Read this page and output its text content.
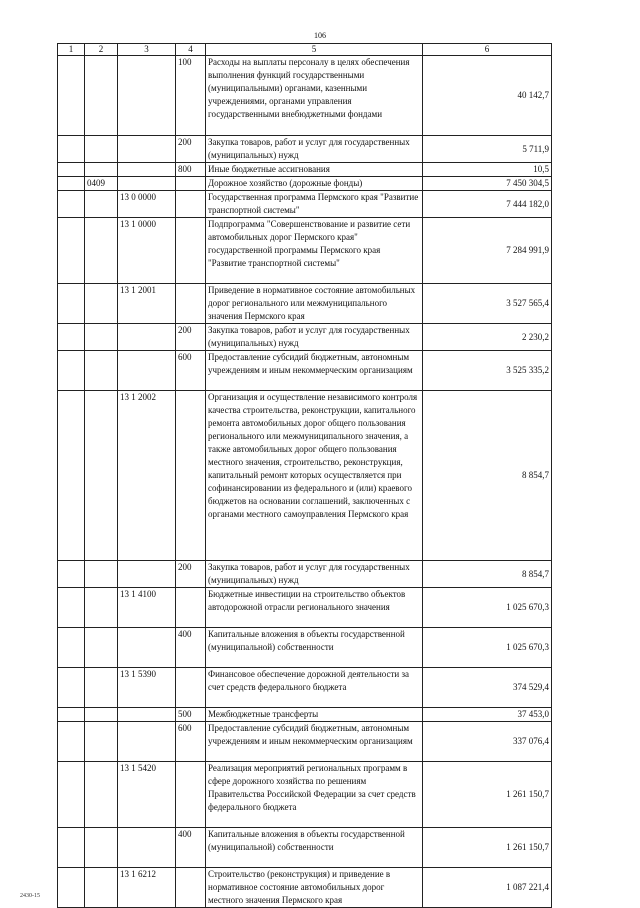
106
1	2	3	4	5	6
			100	Расходы на выплаты персоналу в целях обеспечения выполнения функций государственными (муниципальными) органами, казенными учреждениями, органами управления государственными внебюджетными фондами	40 142,7
			200	Закупка товаров, работ и услуг для государственных (муниципальных) нужд	5 711,9
			800	Иные бюджетные ассигнования	10,5
	0409			Дорожное хозяйство (дорожные фонды)	7 450 304,5
		13 0 0000		Государственная программа Пермского края "Развитие транспортной системы"	7 444 182,0
		13 1 0000		Подпрограмма "Совершенствование и развитие сети автомобильных дорог Пермского края" государственной программы Пермского края "Развитие транспортной системы"	7 284 991,9
		13 1 2001		Приведение в нормативное состояние автомобильных дорог регионального или межмуниципального значения Пермского края	3 527 565,4
			200	Закупка товаров, работ и услуг для государственных (муниципальных) нужд	2 230,2
			600	Предоставление субсидий бюджетным, автономным учреждениям и иным некоммерческим организациям	3 525 335,2
		13 1 2002		Организация и осуществление независимого контроля качества строительства, реконструкции, капитального ремонта автомобильных дорог общего пользования регионального или межмуниципального значения, а также автомобильных дорог общего пользования местного значения, строительство, реконструкция, капитальный ремонт которых осуществляется при софинансировании из федерального и (или) краевого бюджетов на основании соглашений, заключенных с органами местного самоуправления Пермского края	8 854,7
			200	Закупка товаров, работ и услуг для государственных (муниципальных) нужд	8 854,7
		13 1 4100		Бюджетные инвестиции на строительство объектов автодорожной отрасли регионального значения	1 025 670,3
			400	Капитальные вложения в объекты государственной (муниципальной) собственности	1 025 670,3
		13 1 5390		Финансовое обеспечение дорожной деятельности за счет средств федерального бюджета	374 529,4
			500	Межбюджетные трансферты	37 453,0
			600	Предоставление субсидий бюджетным, автономным учреждениям и иным некоммерческим организациям	337 076,4
		13 1 5420		Реализация мероприятий региональных программ в сфере дорожного хозяйства по решениям Правительства Российской Федерации за счет средств федерального бюджета	1 261 150,7
			400	Капитальные вложения в объекты государственной (муниципальной) собственности	1 261 150,7
		13 1 6212		Строительство (реконструкция) и приведение в нормативное состояние автомобильных дорог местного значения Пермского края	1 087 221,4
2430-15
